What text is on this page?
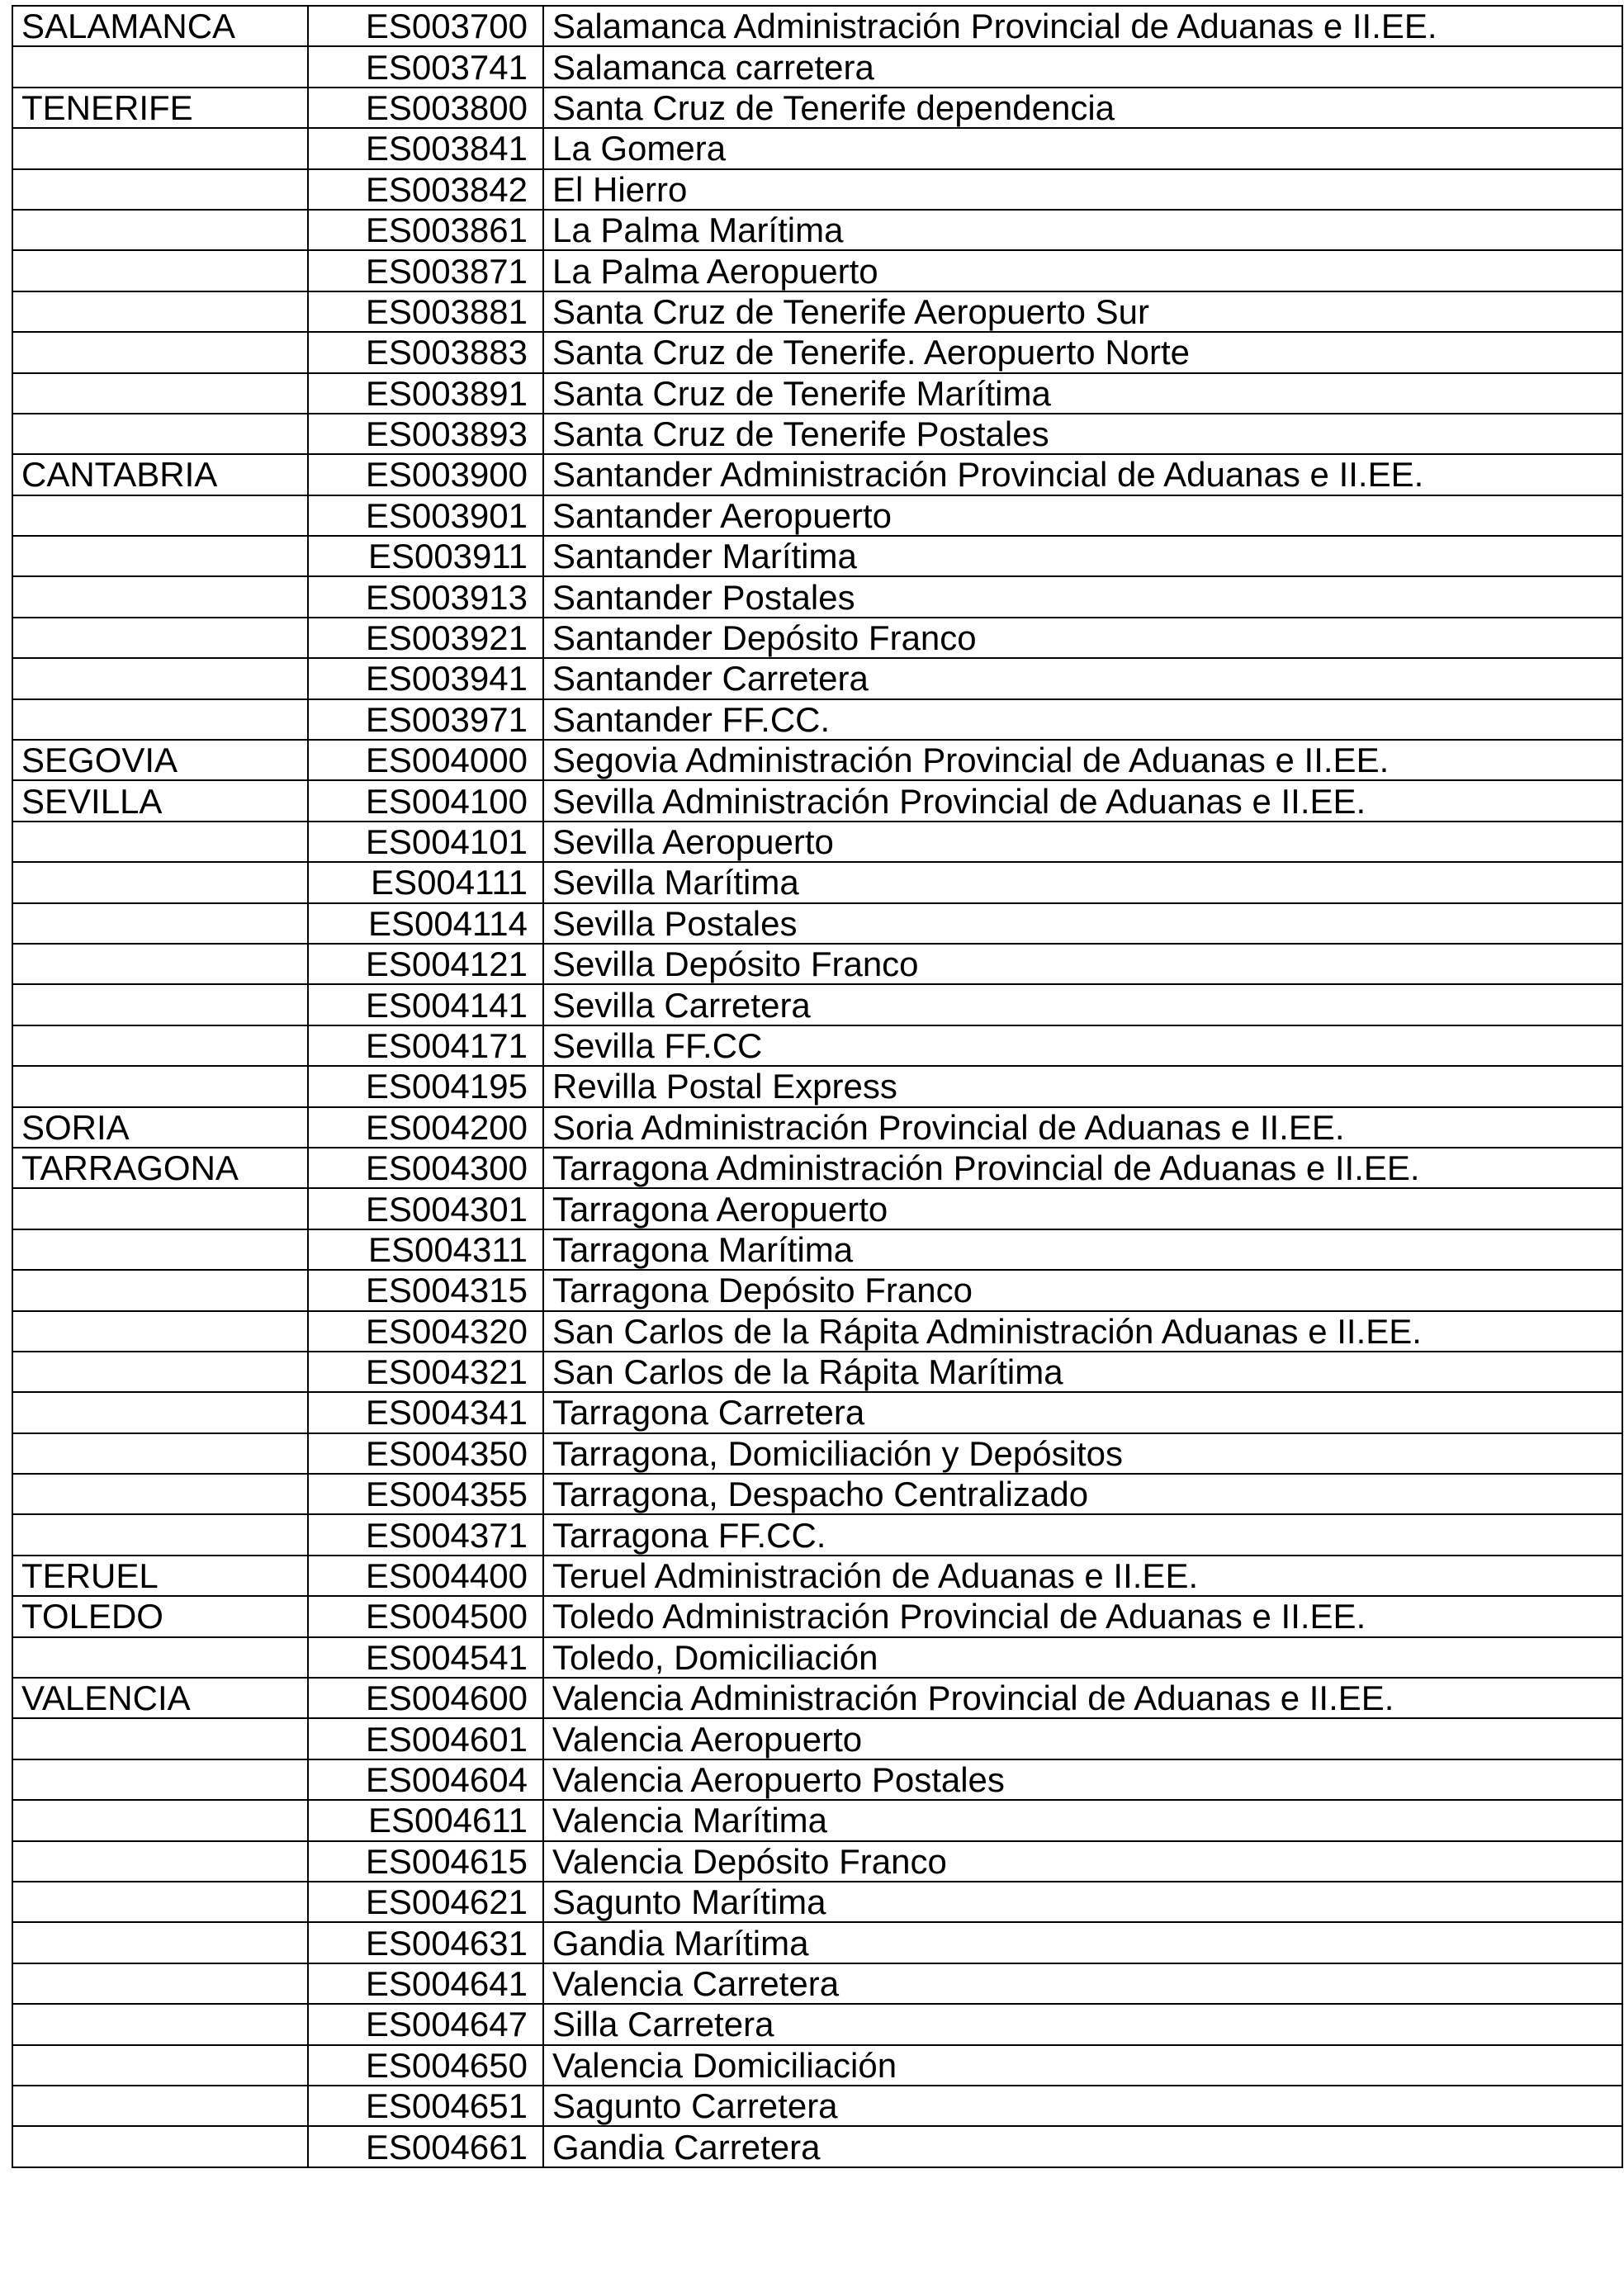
SALAMANCA	ES003700	Salamanca Administración Provincial de Aduanas e II.EE.
	ES003741	Salamanca carretera
TENERIFE	ES003800	Santa Cruz de Tenerife dependencia
	ES003841	La Gomera
	ES003842	El Hierro
	ES003861	La Palma Marítima
	ES003871	La Palma Aeropuerto
	ES003881	Santa Cruz de Tenerife Aeropuerto Sur
	ES003883	Santa Cruz de Tenerife. Aeropuerto Norte
	ES003891	Santa Cruz de Tenerife Marítima
	ES003893	Santa Cruz de Tenerife Postales
CANTABRIA	ES003900	Santander Administración Provincial de Aduanas e II.EE.
	ES003901	Santander Aeropuerto
	ES003911	Santander Marítima
	ES003913	Santander Postales
	ES003921	Santander Depósito Franco
	ES003941	Santander Carretera
	ES003971	Santander FF.CC.
SEGOVIA	ES004000	Segovia Administración Provincial de Aduanas e II.EE.
SEVILLA	ES004100	Sevilla Administración Provincial de Aduanas e II.EE.
	ES004101	Sevilla Aeropuerto
	ES004111	Sevilla Marítima
	ES004114	Sevilla Postales
	ES004121	Sevilla Depósito Franco
	ES004141	Sevilla Carretera
	ES004171	Sevilla FF.CC
	ES004195	Revilla Postal Express
SORIA	ES004200	Soria Administración Provincial de Aduanas e II.EE.
TARRAGONA	ES004300	Tarragona Administración Provincial de Aduanas e II.EE.
	ES004301	Tarragona Aeropuerto
	ES004311	Tarragona Marítima
	ES004315	Tarragona Depósito Franco
	ES004320	San Carlos de la Rápita Administración Aduanas e II.EE.
	ES004321	San Carlos de la Rápita Marítima
	ES004341	Tarragona Carretera
	ES004350	Tarragona, Domiciliación y Depósitos
	ES004355	Tarragona, Despacho Centralizado
	ES004371	Tarragona FF.CC.
TERUEL	ES004400	Teruel Administración de Aduanas e II.EE.
TOLEDO	ES004500	Toledo Administración Provincial de Aduanas e II.EE.
	ES004541	Toledo, Domiciliación
VALENCIA	ES004600	Valencia Administración Provincial de Aduanas e II.EE.
	ES004601	Valencia Aeropuerto
	ES004604	Valencia Aeropuerto Postales
	ES004611	Valencia Marítima
	ES004615	Valencia Depósito Franco
	ES004621	Sagunto Marítima
	ES004631	Gandia Marítima
	ES004641	Valencia Carretera
	ES004647	Silla Carretera
	ES004650	Valencia Domiciliación
	ES004651	Sagunto Carretera
	ES004661	Gandia Carretera
